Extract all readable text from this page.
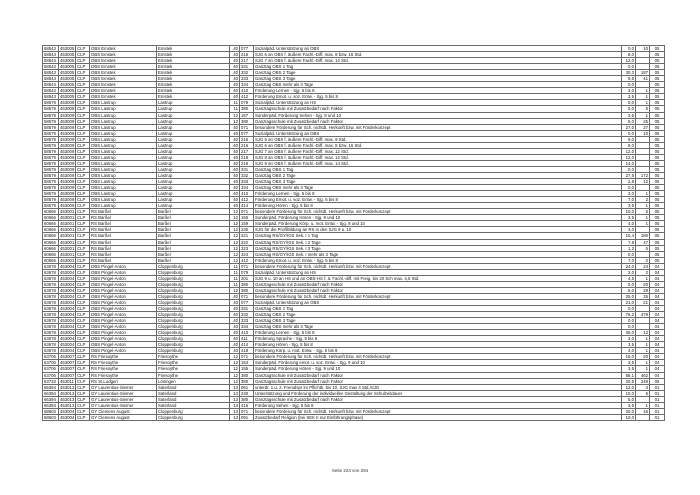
58543	453005	CLP	OBS Emstek	Emstek	40	077	Sozialpäd. Unterstützung an OBS	0,0	10	05
58543	453005	CLP	OBS Emstek	Emstek	40	216	SJG 6 an OBS f. äußere Fachl.-Diff. max. 8 bzw. 16 Std.	8,0		05
58543	453005	CLP	OBS Emstek	Emstek	40	217	SJG 7 an OBS f. äußere Fachl.-Diff. max. 12 Std.	12,0		05
58543	453005	CLP	OBS Emstek	Emstek	40	331	Ganztag OBS 1 Tag	0,0		05
58543	453005	CLP	OBS Emstek	Emstek	40	332	Ganztag OBS 2 Tage	30,3	187	05
58543	453005	CLP	OBS Emstek	Emstek	40	333	Ganztag OBS 3 Tage	9,8	41	05
58543	453005	CLP	OBS Emstek	Emstek	40	334	Ganztag OBS mehr als 3 Tage	0,0		05
58543	453005	CLP	OBS Emstek	Emstek	40	410	Förderung Lernen - Sjg. 5 bis 8	3,0	1	05
58543	453005	CLP	OBS Emstek	Emstek	40	412	Förderung Emot. u. soz. Entw. - Sjg. 5 bis 8	3,5	1	05
58579	453009	CLP	OBS Lastrup	Lastrup	11	079	Sozialpäd. Unterstützung an HS	0,0	1	05
58579	453009	CLP	OBS Lastrup	Lastrup	11	380	Ganztagsschule mit Zusatzbedarf nach Faktor	5,0	5	05
58579	453009	CLP	OBS Lastrup	Lastrup	12	157	Sonderpäd. Förderung Sehen - Sjg. 9 und 10	3,5	1	05
58579	453009	CLP	OBS Lastrup	Lastrup	12	380	Ganztagsschule mit Zusatzbedarf nach Faktor	5,0	25	05
58579	453009	CLP	OBS Lastrup	Lastrup	40	071	besondere Förderung für Sch. nichtdt. Herkunft bzw. mit Förderkonzept	27,0	27	05
58579	453009	CLP	OBS Lastrup	Lastrup	40	077	Sozialpäd. Unterstützung an OBS	0,0	10	05
58579	453009	CLP	OBS Lastrup	Lastrup	40	215	SJG 5 an OBS f. äußere Fachl.-Diff. max. 9 Std.	9,0		05
58579	453009	CLP	OBS Lastrup	Lastrup	40	216	SJG 6 an OBS f. äußere Fachl.-Diff. max. 8 bzw. 16 Std.	8,0		05
58579	453009	CLP	OBS Lastrup	Lastrup	40	217	SJG 7 an OBS f. äußere Fachl.-Diff. max. 12 Std.	12,0		05
58579	453009	CLP	OBS Lastrup	Lastrup	40	218	SJG 8 an OBS f. äußere Fachl.-Diff. max. 12 Std.	12,0		05
58579	453009	CLP	OBS Lastrup	Lastrup	40	219	SJG 9 an OBS f. äußere Fachl.-Diff. max. 14 Std.	14,0		05
58579	453009	CLP	OBS Lastrup	Lastrup	40	331	Ganztag OBS 1 Tag	0,0		05
58579	453009	CLP	OBS Lastrup	Lastrup	40	332	Ganztag OBS 2 Tage	27,6	172	05
58579	453009	CLP	OBS Lastrup	Lastrup	40	333	Ganztag OBS 3 Tage	2,8	12	05
58579	453009	CLP	OBS Lastrup	Lastrup	40	334	Ganztag OBS mehr als 3 Tage	0,0		05
58579	453009	CLP	OBS Lastrup	Lastrup	40	410	Förderung Lernen - Sjg. 5 bis 8	3,0	1	05
58579	453009	CLP	OBS Lastrup	Lastrup	40	412	Förderung Emot. u. soz. Entw. - Sjg. 5 bis 8	7,0	2	05
58579	453009	CLP	OBS Lastrup	Lastrup	40	414	Förderung Hören - Sjg. 5 bis 8	3,5	1	05
60666	453001	CLP	RS Barßel	Barßel	12	071	besondere Förderung für Sch. nichtdt. Herkunft bzw. mit Förderkonzept	10,0	6	05
60666	453001	CLP	RS Barßel	Barßel	12	155	Sonderpäd. Förderung Hören - Sjg. 9 und 10	3,5	1	05
60666	453001	CLP	RS Barßel	Barßel	12	159	Sonderpäd. Förderung Körp. u. mot. Entw. - Sjg. 9 und 10	4,0	1	05
60666	453001	CLP	RS Barßel	Barßel	12	230	SJG für die Profilbildung an RS in den SJG 9 u. 10	4,0		05
60666	453001	CLP	RS Barßel	Barßel	12	321	Ganztag RS/GY/IGS Sek. I 1 Tag	15,4	180	05
60666	453001	CLP	RS Barßel	Barßel	12	322	Ganztag RS/GY/IGS Sek. I 2 Tage	7,8	47	05
60666	453001	CLP	RS Barßel	Barßel	12	323	Ganztag RS/GY/IGS Sek. I 3 Tage	1,2	5	05
60666	453001	CLP	RS Barßel	Barßel	12	324	Ganztag RS/GY/IGS Sek. I mehr als 3 Tage	0,0		05
60666	453001	CLP	RS Barßel	Barßel	12	412	Förderung Emot. u. soz. Entw. - Sjg. 5 bis 8	7,0	2	05
63678	453004	CLP	OBS Pingel-Anton	Cloppenburg	11	071	besondere Förderung für Sch. nichtdt. Herkunft bzw. mit Förderkonzept	24,0	24	04
63678	453004	CLP	OBS Pingel-Anton	Cloppenburg	11	079	Sozialpäd. Unterstützung an HS	2,0	2	04
63678	453004	CLP	OBS Pingel-Anton	Cloppenburg	11	201	SJG 9 u. 10 an HS und an OBS-HS f. ä. Fachl.-diff. mit Freig. bis 20 Sch max. 4,5 Std.	4,5	1	04
63678	453004	CLP	OBS Pingel-Anton	Cloppenburg	11	380	Ganztagsschule mit Zusatzbedarf nach Faktor	5,0	20	04
63678	453004	CLP	OBS Pingel-Anton	Cloppenburg	12	380	Ganztagsschule mit Zusatzbedarf nach Faktor	5,0	29	04
63678	453004	CLP	OBS Pingel-Anton	Cloppenburg	40	071	besondere Förderung für Sch. nichtdt. Herkunft bzw. mit Förderkonzept	25,0	25	04
63678	453004	CLP	OBS Pingel-Anton	Cloppenburg	40	077	Sozialpäd. Unterstützung an OBS	21,0	21	04
63678	453004	CLP	OBS Pingel-Anton	Cloppenburg	40	331	Ganztag OBS 1 Tag	0,0		04
63678	453004	CLP	OBS Pingel-Anton	Cloppenburg	40	332	Ganztag OBS 2 Tage	76,2	478	04
63678	453004	CLP	OBS Pingel-Anton	Cloppenburg	40	333	Ganztag OBS 3 Tage	0,0		04
63678	453004	CLP	OBS Pingel-Anton	Cloppenburg	40	334	Ganztag OBS mehr als 3 Tage	0,0		04
63678	453004	CLP	OBS Pingel-Anton	Cloppenburg	40	410	Förderung Lernen - Sjg. 5 bis 8	36,0	12	04
63678	453004	CLP	OBS Pingel-Anton	Cloppenburg	40	411	Förderung Sprache - Sjg. 5 bis 8	3,0	1	04
63678	453004	CLP	OBS Pingel-Anton	Cloppenburg	40	414	Förderung Hören - Sjg. 5 bis 8	3,5	1	04
63678	453004	CLP	OBS Pingel-Anton	Cloppenburg	40	418	Förderung Körp. u. mot. Entw. - Sjg. 5 bis 8	4,0	1	04
63706	453007	CLP	RS Friesoythe	Friesoythe	12	071	besondere Förderung für Sch. nichtdt. Herkunft bzw. mit Förderkonzept	16,0	20	04
63706	453007	CLP	RS Friesoythe	Friesoythe	12	153	Sonderpäd. Förderung emot. u. soz. Entw. - Sjg. 9 und 10	3,5	1	04
63706	453007	CLP	RS Friesoythe	Friesoythe	12	155	Sonderpäd. Förderung Hören - Sjg. 9 und 10	3,5	1	04
63706	453007	CLP	RS Friesoythe	Friesoythe	12	380	Ganztagsschule mit Zusatzbedarf nach Faktor	58,1	462	04
63733	453011	CLP	RS St.Ludgeri	Löningen	12	380	Ganztagsschule mit Zusatzbedarf nach Faktor	20,5	249	05
66394	453013	CLP	GY Laurentius-Siemer	Saterland	13	061	unterdr. 1.u. 2. Fremdspr im Pflichtb. bis 10. SJG max 4 Std./SJG	12,0	3	01
66394	453013	CLP	GY Laurentius-Siemer	Saterland	13	240	Unterstützung und Förderung der individuellen Gestaltung der Schulzeitdauer	10,0	5	01
66394	453013	CLP	GY Laurentius-Siemer	Saterland	13	380	Ganztagsschule mit Zusatzbedarf nach Faktor	5,0		01
66394	453013	CLP	GY Laurentius-Siemer	Saterland	13	416	Förderung Sehen - Sjg. 5 bis 8	3,5	1	01
68603	453004	CLP	GY Clemens August	Cloppenburg	13	071	besondere Förderung für Sch. nichtdt. Herkunft bzw. mit Förderkonzept	20,0	16	01
68603	453004	CLP	GY Clemens August	Cloppenburg	13	091	Zusatzbedarf Religion (bei SEK II nur Einführungsphase)	10,0		01
Seite 223 von 294
